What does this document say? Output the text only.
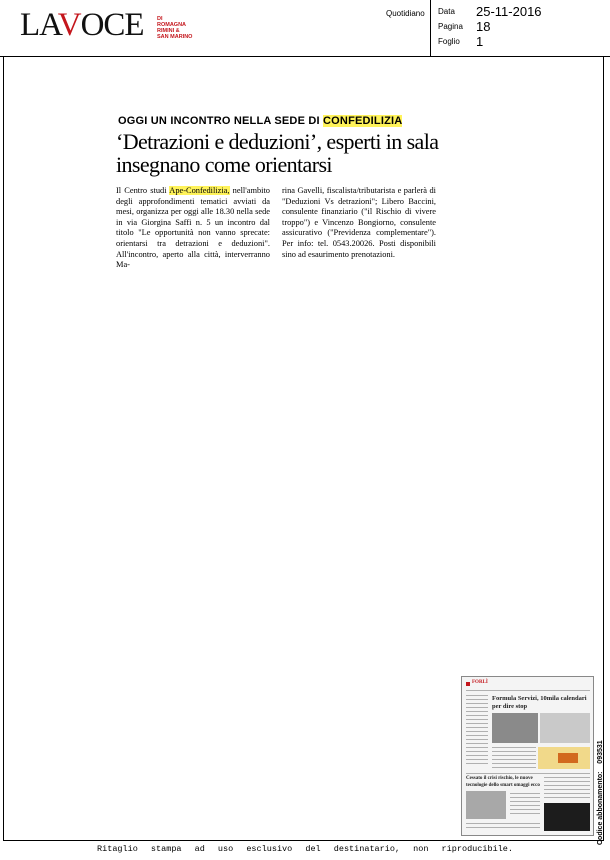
LAVOCE DI
ROMAGNA
RIMINI &
SAN MARINO
Quotidiano Data 25-11-2016
Pagina 18
Foglio 1
OGGI UN INCONTRO NELLA SEDE DI CONFEDILIZIA
‘Detrazioni e deduzioni’, esperti in sala insegnano come orientarsi
Il Centro studi Ape-Confedilizia, nell'ambito degli approfondimenti tematici avviati da mesi, organizza per oggi alle 18.30 nella sede in via Giorgina Saffi n. 5 un incontro dal titolo "Le opportunità non vanno sprecate: orientarsi tra detrazioni e deduzioni". All'incontro, aperto alla città, interverranno Ma-
rina Gavelli, fiscalista/tributarista e parlerà di "Deduzioni Vs detrazioni"; Libero Baccini, consulente finanziario ("il Rischio di vivere troppo") e Vincenzo Bongiorno, consulente assicurativo ("Previdenza complementare"). Per info: tel. 0543.20026. Posti disponibili sino ad esaurimento prenotazioni.
FORLÌ
Formula Servizi, 10mila calendari
per dire stop
Cessato il crisi rischio, le nuove
tecnologie dello smart omaggi ecco	Codice abbonamento:    093531
Ritaglio stampa ad uso esclusivo del destinatario, non riproducibile.
